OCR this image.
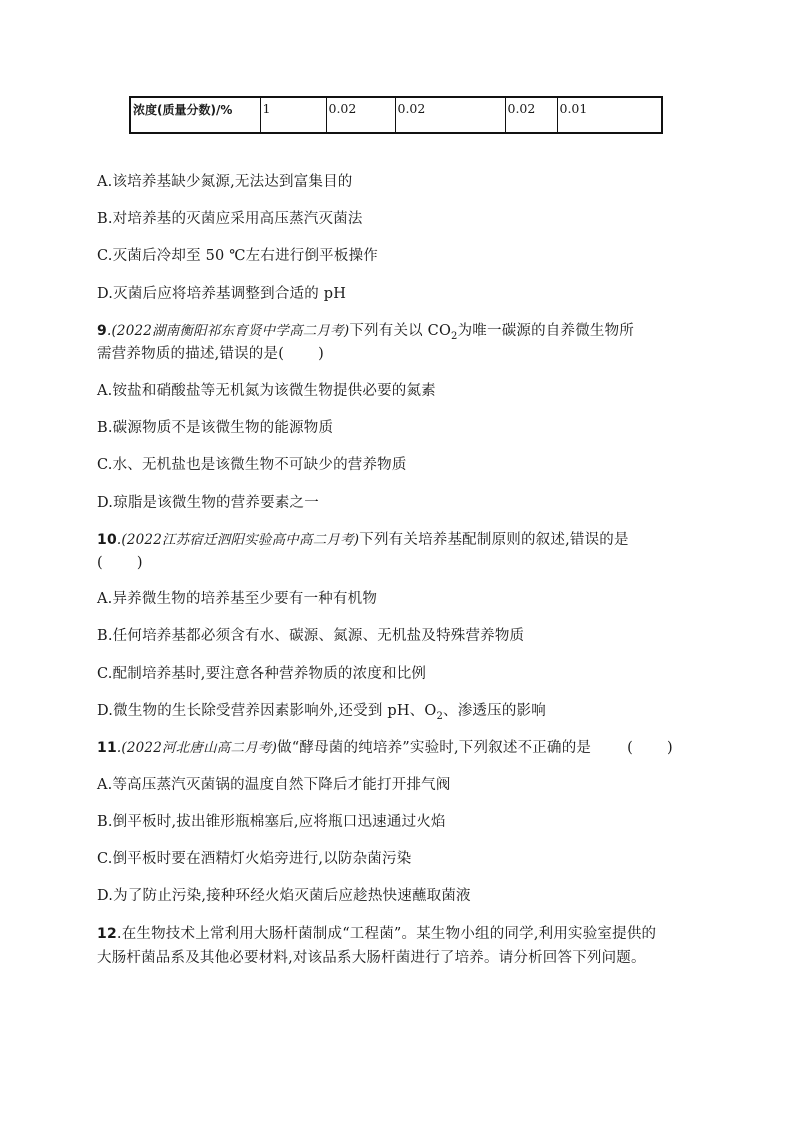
浓度(质量分数)/%	1	0.02	0.02	0.02	0.01
A.该培养基缺少氮源,无法达到富集目的
B.对培养基的灭菌应采用高压蒸汽灭菌法
C.灭菌后冷却至 50 ℃左右进行倒平板操作
D.灭菌后应将培养基调整到合适的 pH
9.(2022湖南衡阳祁东育贤中学高二月考)下列有关以 $CO_2$为唯一碳源的自养微生物所
需营养物质的描述,错误的是( )
A.铵盐和硝酸盐等无机氮为该微生物提供必要的氮素
B.碳源物质不是该微生物的能源物质
C.水、无机盐也是该微生物不可缺少的营养物质
D.琼脂是该微生物的营养要素之一
10.(2022江苏宿迁泗阳实验高中高二月考)下列有关培养基配制原则的叙述,错误的是
( )
A.异养微生物的培养基至少要有一种有机物
B.任何培养基都必须含有水、碳源、氮源、无机盐及特殊营养物质
C.配制培养基时,要注意各种营养物质的浓度和比例
D.微生物的生长除受营养因素影响外,还受到 pH、$O_2$、渗透压的影响
11.(2022河北唐山高二月考)做“酵母菌的纯培养”实验时,下列叙述不正确的是 ( )
A.等高压蒸汽灭菌锅的温度自然下降后才能打开排气阀
B.倒平板时,拔出锥形瓶棉塞后,应将瓶口迅速通过火焰
C.倒平板时要在酒精灯火焰旁进行,以防杂菌污染
D.为了防止污染,接种环经火焰灭菌后应趁热快速蘸取菌液
12.在生物技术上常利用大肠杆菌制成“工程菌”。某生物小组的同学,利用实验室提供的
大肠杆菌品系及其他必要材料,对该品系大肠杆菌进行了培养。请分析回答下列问题。
